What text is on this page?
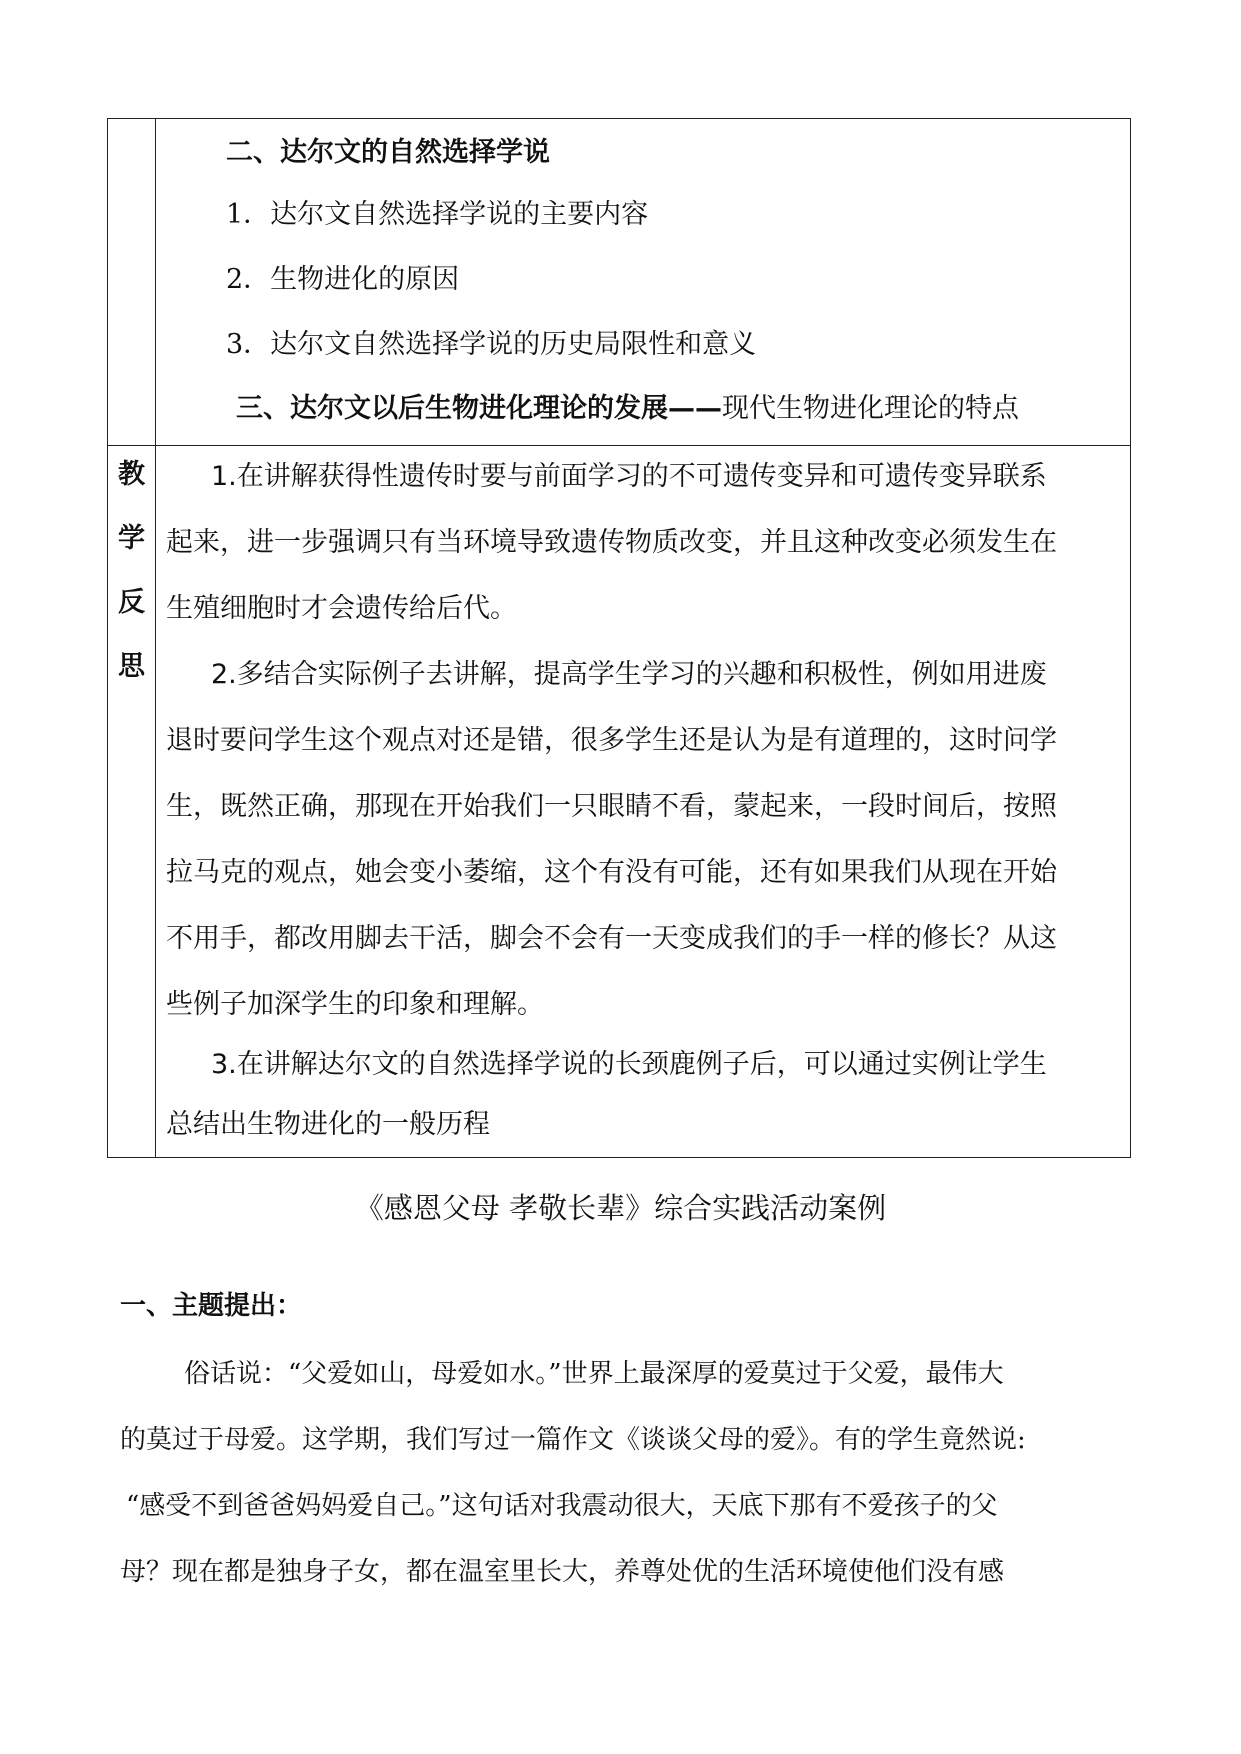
二、达尔文的自然选择学说
1．达尔文自然选择学说的主要内容
2．生物进化的原因
3．达尔文自然选择学说的历史局限性和意义
三、达尔文以后生物进化理论的发展——现代生物进化理论的特点
教
学
反
思
1.在讲解获得性遗传时要与前面学习的不可遗传变异和可遗传变异联系
起来，进一步强调只有当环境导致遗传物质改变，并且这种改变必须发生在
生殖细胞时才会遗传给后代。
2.多结合实际例子去讲解，提高学生学习的兴趣和积极性，例如用进废
退时要问学生这个观点对还是错，很多学生还是认为是有道理的，这时问学
生，既然正确，那现在开始我们一只眼睛不看，蒙起来，一段时间后，按照
拉马克的观点，她会变小萎缩，这个有没有可能，还有如果我们从现在开始
不用手，都改用脚去干活，脚会不会有一天变成我们的手一样的修长？从这
些例子加深学生的印象和理解。
3.在讲解达尔文的自然选择学说的长颈鹿例子后，可以通过实例让学生
总结出生物进化的一般历程
《感恩父母 孝敬长辈》综合实践活动案例
一、主题提出：
俗话说：“父爱如山，母爱如水。”世界上最深厚的爱莫过于父爱，最伟大
的莫过于母爱。这学期，我们写过一篇作文《谈谈父母的爱》。有的学生竟然说:
“感受不到爸爸妈妈爱自己。”这句话对我震动很大，天底下那有不爱孩子的父
母？现在都是独身子女，都在温室里长大，养尊处优的生活环境使他们没有感
